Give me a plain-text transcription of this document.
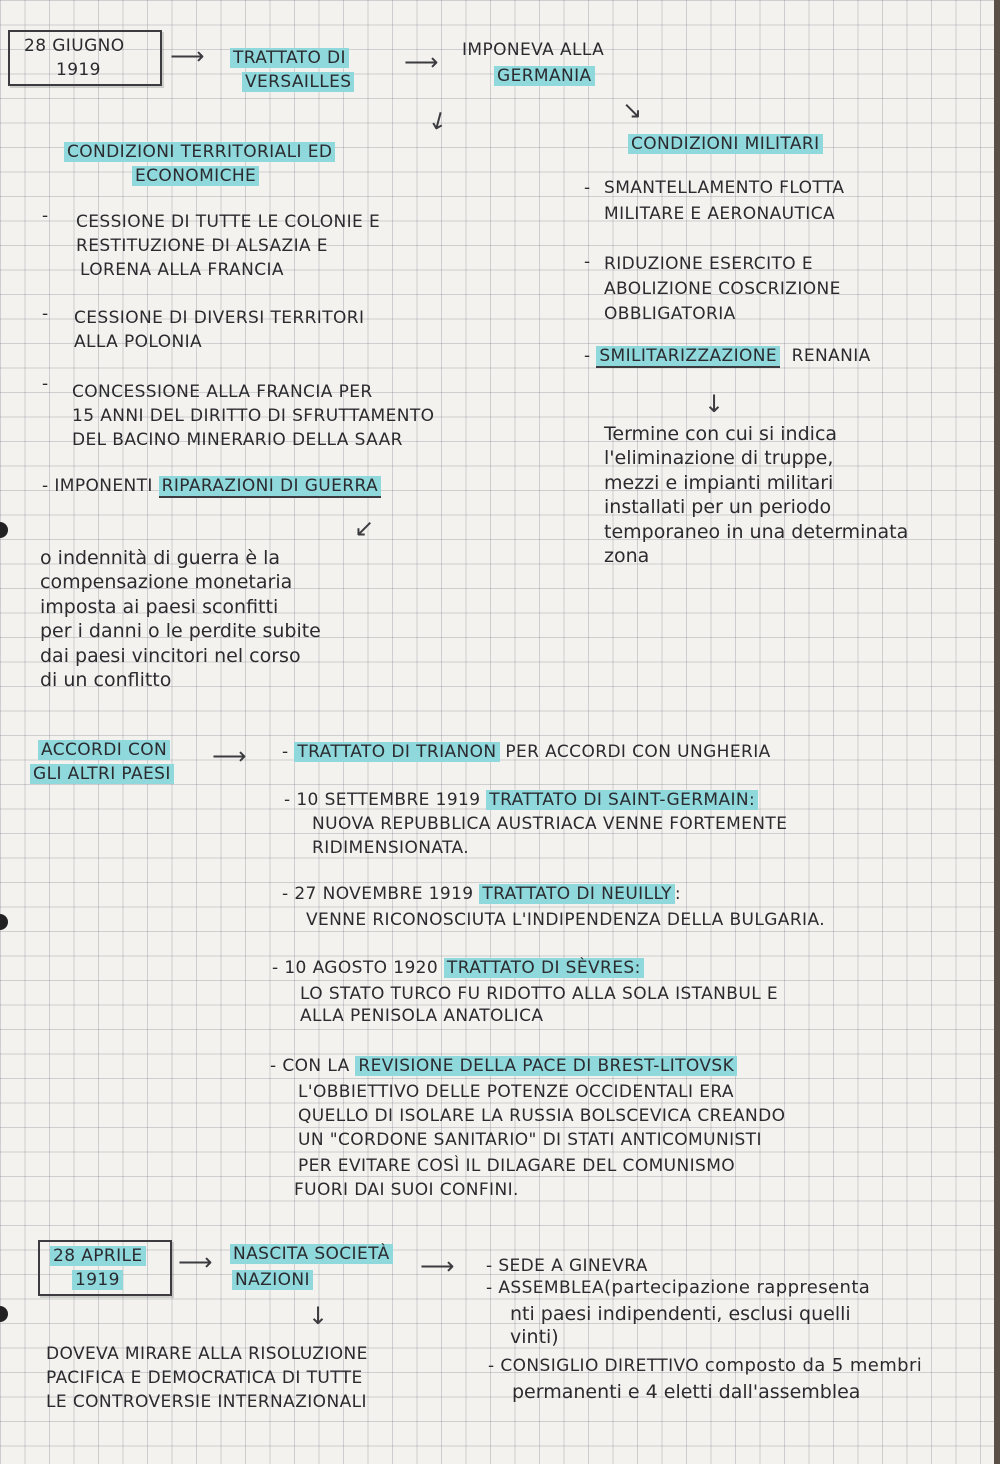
28 GIUGNO
1919	⟶ TRATTATO DI
VERSAILLES
⟶ IMPONEVA ALLA
GERMANIA
↙	↘
CONDIZIONI TERRITORIALI ED
ECONOMICHE
CONDIZIONI MILITARI
- CESSIONE DI TUTTE LE COLONIE E
RESTITUZIONE DI ALSAZIA E
LORENA ALLA FRANCIA
- CESSIONE DI DIVERSI TERRITORI
ALLA POLONIA
- CONCESSIONE ALLA FRANCIA PER
15 ANNI DEL DIRITTO DI SFRUTTAMENTO
DEL BACINO MINERARIO DELLA SAAR
- IMPONENTI RIPARAZIONI DI GUERRA
↙
o indennità di guerra è la
compensazione monetaria
imposta ai paesi sconfitti
per i danni o le perdite subite
dai paesi vincitori nel corso
di un conflitto
- SMANTELLAMENTO FLOTTA
MILITARE E AERONAUTICA
- RIDUZIONE ESERCITO E
ABOLIZIONE COSCRIZIONE
OBBLIGATORIA
- SMILITARIZZAZIONE RENANIA
↓
Termine con cui si indica
l'eliminazione di truppe,
mezzi e impianti militari
installati per un periodo
temporaneo in una determinata
zona
ACCORDI CON
GLI ALTRI PAESI
⟶ - TRATTATO DI TRIANON PER ACCORDI CON UNGHERIA
- 10 SETTEMBRE 1919 TRATTATO DI SAINT-GERMAIN:
NUOVA REPUBBLICA AUSTRIACA VENNE FORTEMENTE
RIDIMENSIONATA.
- 27 NOVEMBRE 1919 TRATTATO DI NEUILLY :
VENNE RICONOSCIUTA L'INDIPENDENZA DELLA BULGARIA.
- 10 AGOSTO 1920 TRATTATO DI SÈVRES:
LO STATO TURCO FU RIDOTTO ALLA SOLA ISTANBUL E
ALLA PENISOLA ANATOLICA
- CON LA REVISIONE DELLA PACE DI BREST-LITOVSK
L'OBBIETTIVO DELLE POTENZE OCCIDENTALI ERA
QUELLO DI ISOLARE LA RUSSIA BOLSCEVICA CREANDO
UN "CORDONE SANITARIO" DI STATI ANTICOMUNISTI
PER EVITARE COSÌ IL DILAGARE DEL COMUNISMO
FUORI DAI SUOI CONFINI.
28 APRILE
1919
⟶ NASCITA SOCIETÀ
NAZIONI	⟶
↓
DOVEVA MIRARE ALLA RISOLUZIONE
PACIFICA E DEMOCRATICA DI TUTTE
LE CONTROVERSIE INTERNAZIONALI
- SEDE A GINEVRA
- ASSEMBLEA(partecipazione rappresenta
nti paesi indipendenti, esclusi quelli
vinti)
- CONSIGLIO DIRETTIVO composto da 5 membri
permanenti e 4 eletti dall'assemblea
